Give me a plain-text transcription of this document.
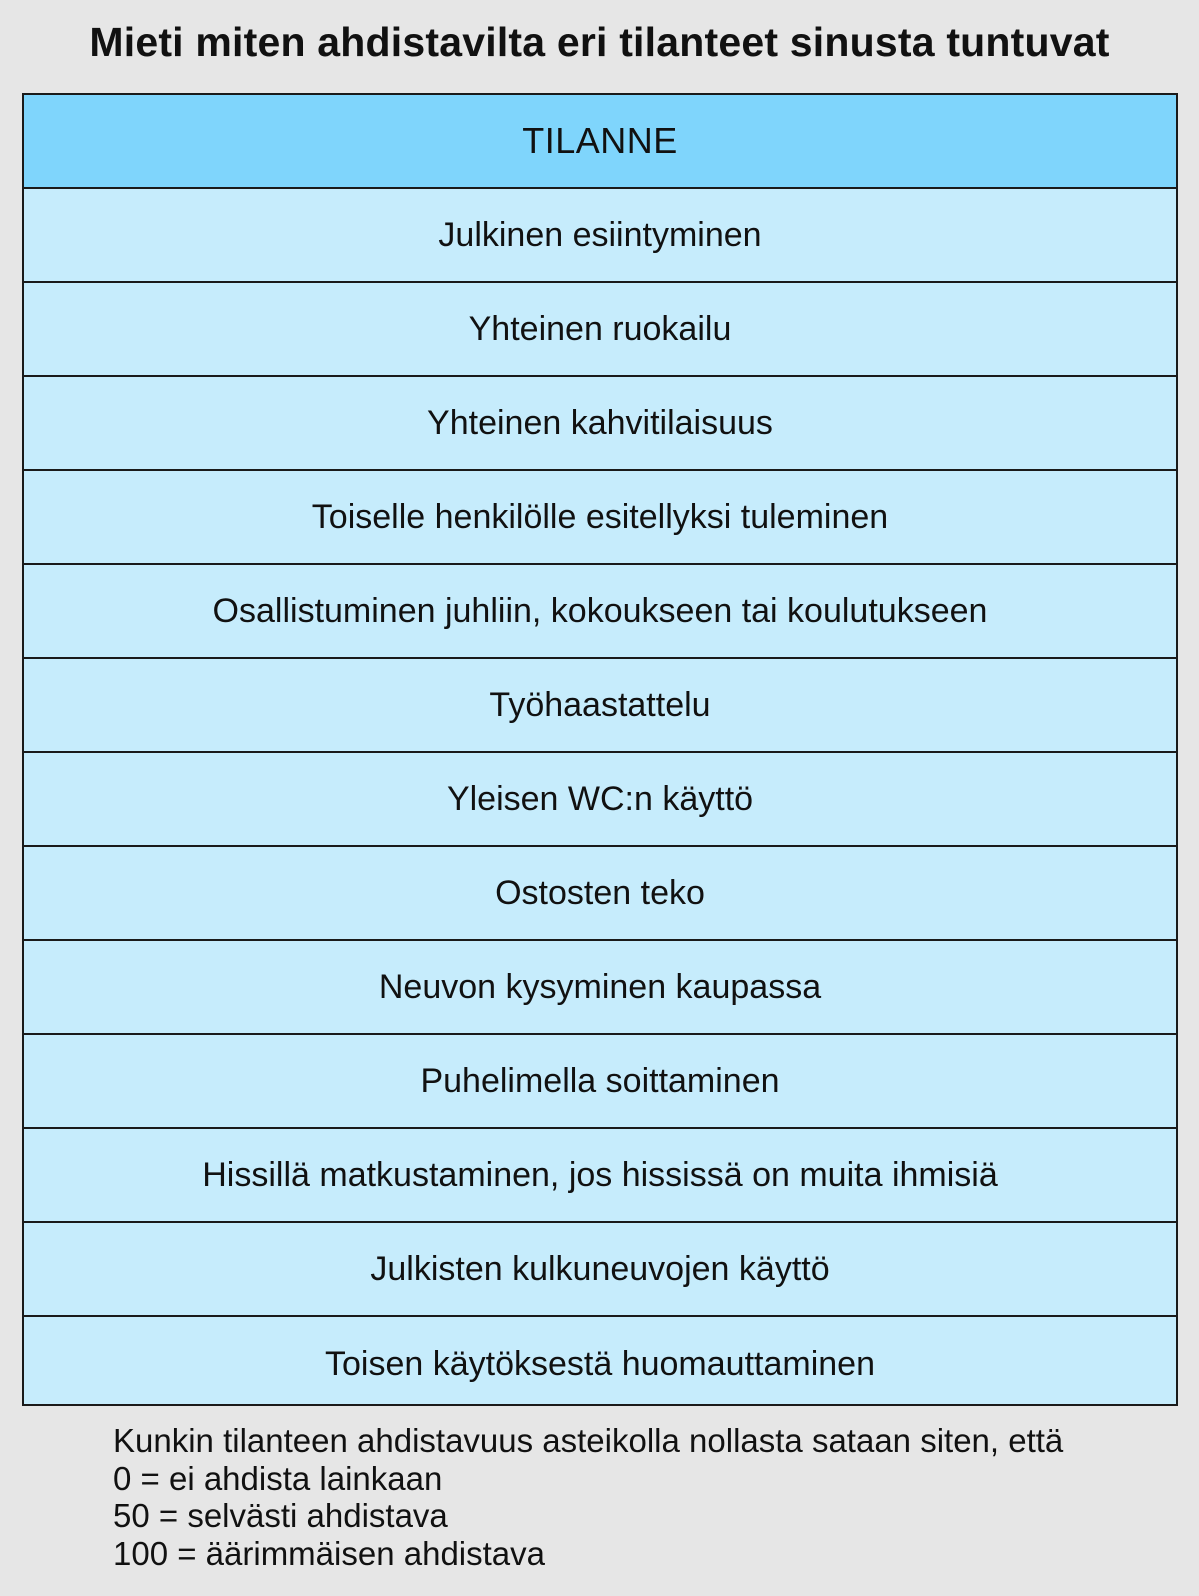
Mieti miten ahdistavilta eri tilanteet sinusta tuntuvat
TILANNE
Julkinen esiintyminen
Yhteinen ruokailu
Yhteinen kahvitilaisuus
Toiselle henkilölle esitellyksi tuleminen
Osallistuminen juhliin, kokoukseen tai koulutukseen
Työhaastattelu
Yleisen WC:n käyttö
Ostosten teko
Neuvon kysyminen kaupassa
Puhelimella soittaminen
Hissillä matkustaminen, jos hississä on muita ihmisiä
Julkisten kulkuneuvojen käyttö
Toisen käytöksestä huomauttaminen
Kunkin tilanteen ahdistavuus asteikolla nollasta sataan siten, että
0 = ei ahdista lainkaan
50 = selvästi ahdistava
100 = äärimmäisen ahdistava
